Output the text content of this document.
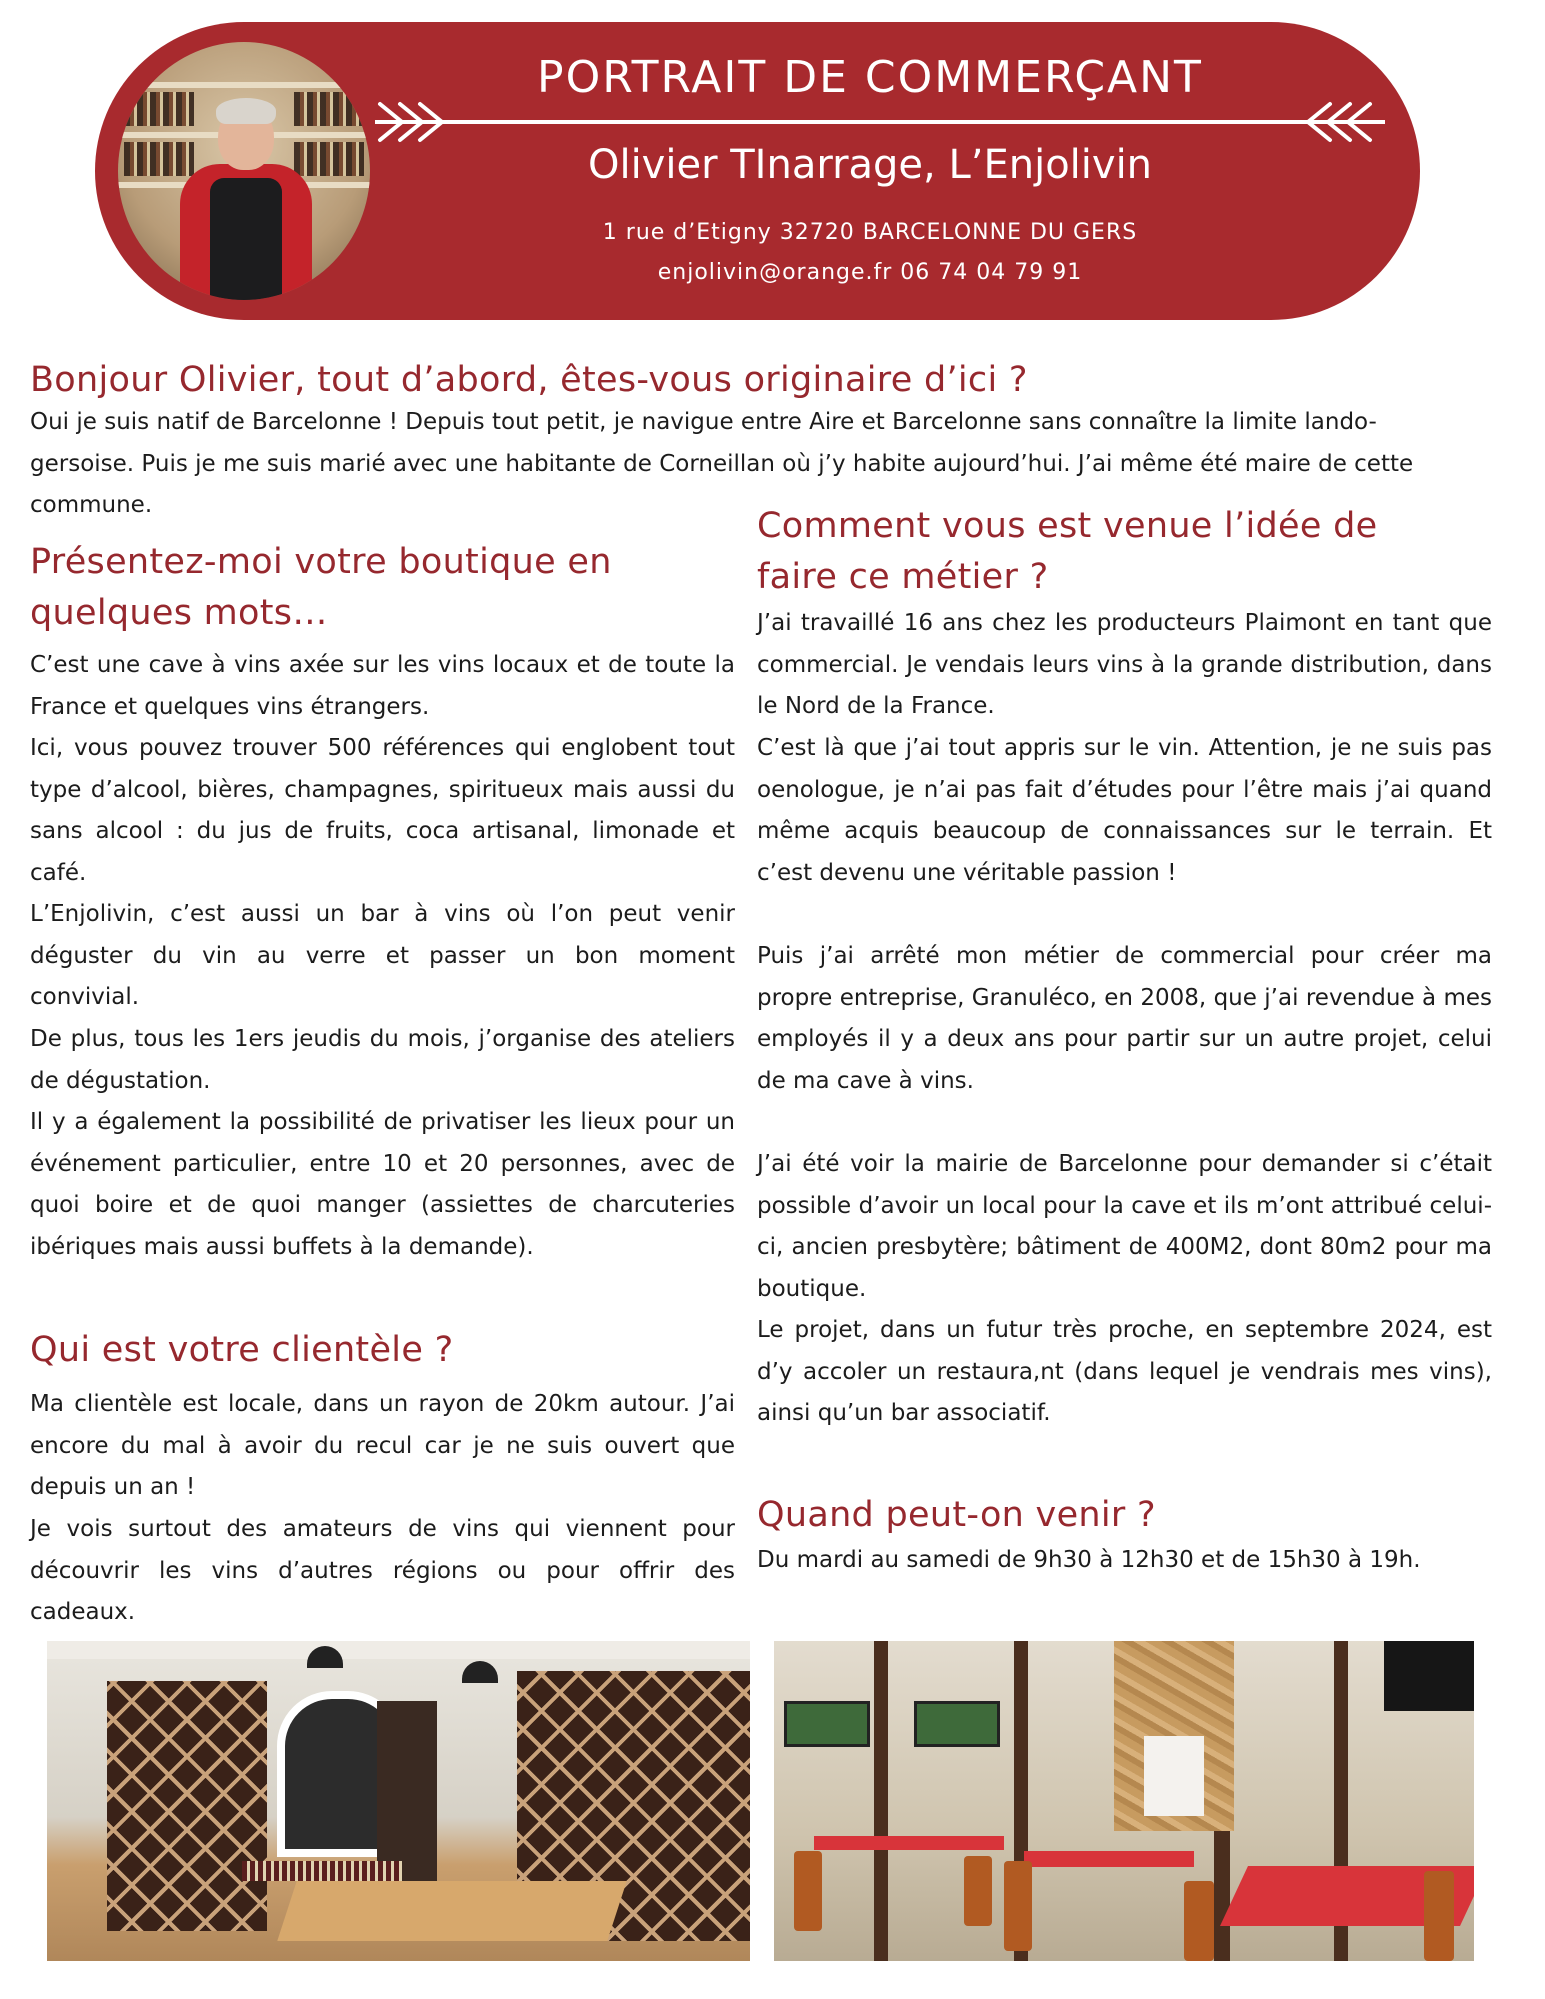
PORTRAIT DE COMMERÇANT
Olivier TInarrage, L’Enjolivin

1 rue d’Etigny 32720 BARCELONNE DU GERS

enjolivin@orange.fr 06 74 04 79 91

Bonjour Olivier, tout d’abord, êtes-vous originaire d’ici ?

Oui je suis natif de Barcelonne ! Depuis tout petit, je navigue entre Aire et Barcelonne sans connaître la limite lando-gersoise. Puis je me suis marié avec une habitante de Corneillan où j’y habite aujourd’hui. J’ai même été maire de cette commune.

Présentez-moi votre boutique en quelques mots…

C’est une cave à vins axée sur les vins locaux et de toute la France et quelques vins étrangers.

Ici, vous pouvez trouver 500 références qui englobent tout type d’alcool, bières, champagnes, spiritueux mais aussi du sans alcool : du jus de fruits, coca artisanal, limonade et café.

L’Enjolivin, c’est aussi un bar à vins où l’on peut venir déguster du vin au verre et passer un bon moment convivial.

De plus, tous les 1ers jeudis du mois, j’organise des ateliers de dégustation.

Il y a également la possibilité de privatiser les lieux pour un événement particulier, entre 10 et 20 personnes, avec de quoi boire et de quoi manger (assiettes de charcuteries ibériques mais aussi buffets à la demande).

Qui est votre clientèle ?

Ma clientèle est locale, dans un rayon de 20km autour. J’ai encore du mal à avoir du recul car je ne suis ouvert que depuis un an !

Je vois surtout des amateurs de vins qui viennent pour découvrir les vins d’autres régions ou pour offrir des cadeaux.

Comment vous est venue l’idée de faire ce métier ?

J’ai travaillé 16 ans chez les producteurs Plaimont en tant que commercial. Je vendais leurs vins à la grande distribution, dans le Nord de la France.

C’est là que j’ai tout appris sur le vin. Attention, je ne suis pas oenologue, je n’ai pas fait d’études pour l’être mais j’ai quand même acquis beaucoup de connaissances sur le terrain. Et c’est devenu une véritable passion !

Puis j’ai arrêté mon métier de commercial pour créer ma propre entreprise, Granuléco, en 2008, que j’ai revendue à mes employés il y a deux ans pour partir sur un autre projet, celui de ma cave à vins.

J’ai été voir la mairie de Barcelonne pour demander si c’était possible d’avoir un local pour la cave et ils m’ont attribué celui-ci, ancien presbytère; bâtiment de 400M2, dont 80m2 pour ma boutique.

Le projet, dans un futur très proche, en septembre 2024, est d’y accoler un restaura,nt (dans lequel je vendrais mes vins), ainsi qu’un bar associatif.

Quand peut-on venir ?

Du mardi au samedi de 9h30 à 12h30 et de 15h30 à 19h.
